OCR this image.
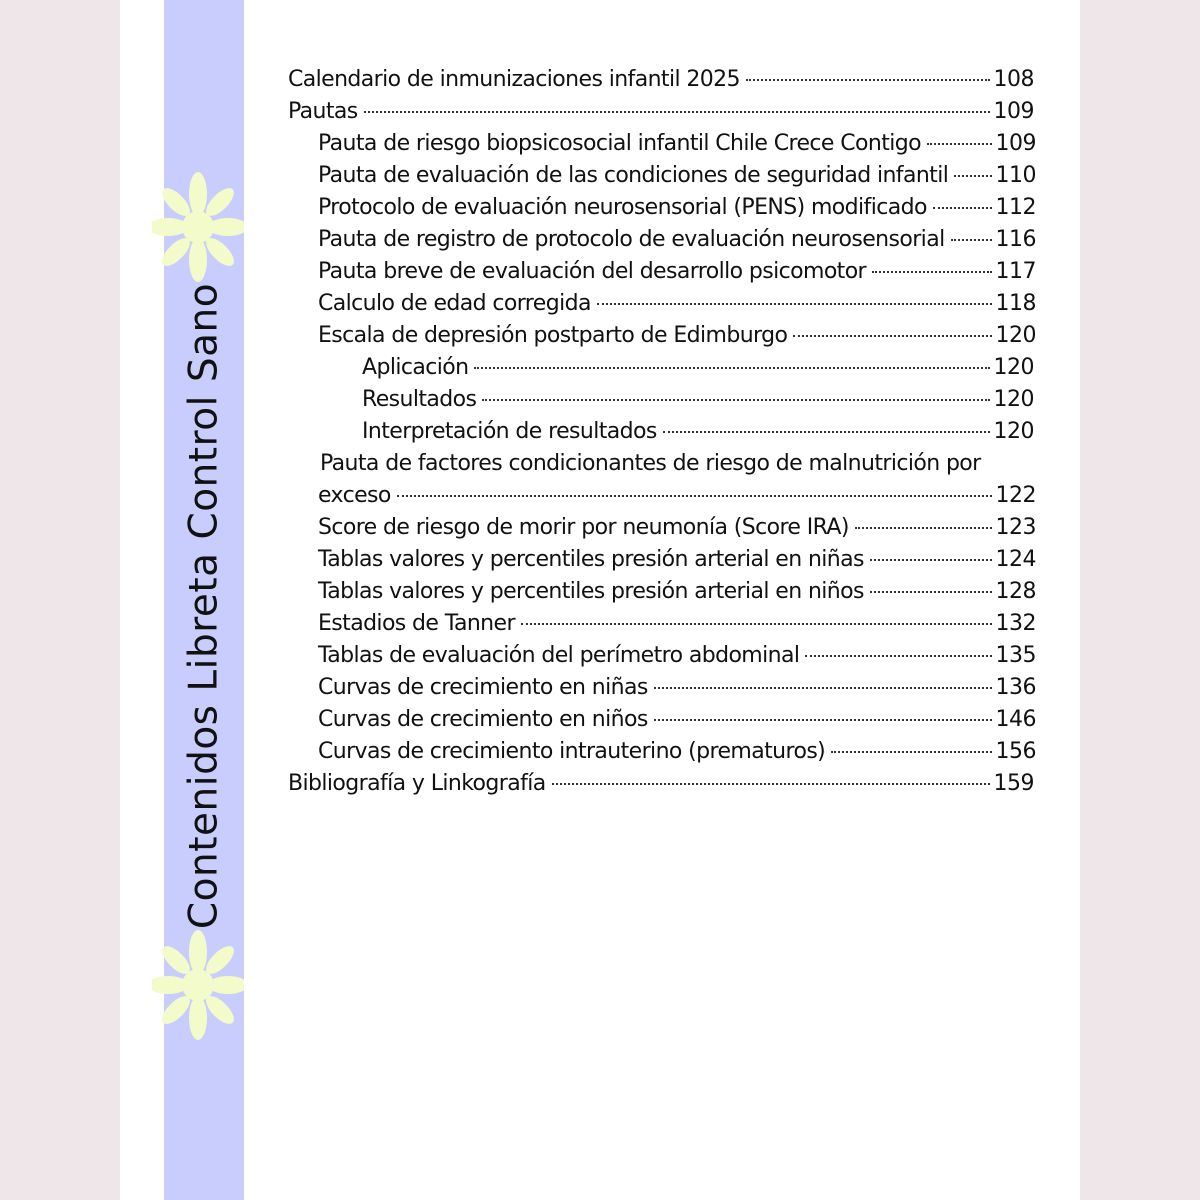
Contenidos Libreta Control Sano
Calendario de inmunizaciones infantil 2025	108
Pautas	109
Pauta de riesgo biopsicosocial infantil Chile Crece Contigo	109
Pauta de evaluación de las condiciones de seguridad infantil 110
Protocolo de evaluación neurosensorial (PENS) modificado	112
Pauta de registro de protocolo de evaluación neurosensorial 116
Pauta breve de evaluación del desarrollo psicomotor	117
Calculo de edad corregida	118
Escala de depresión postparto de Edimburgo	120
Aplicación	120
Resultados	120
Interpretación de resultados	120
Pauta de factores condicionantes de riesgo de malnutrición por
exceso	122
Score de riesgo de morir por neumonía (Score IRA)	123
Tablas valores y percentiles presión arterial en niñas	124
Tablas valores y percentiles presión arterial en niños	128
Estadios de Tanner	132
Tablas de evaluación del perímetro abdominal	135
Curvas de crecimiento en niñas	136
Curvas de crecimiento en niños	146
Curvas de crecimiento intrauterino (prematuros)	156
Bibliografía y Linkografía	159
